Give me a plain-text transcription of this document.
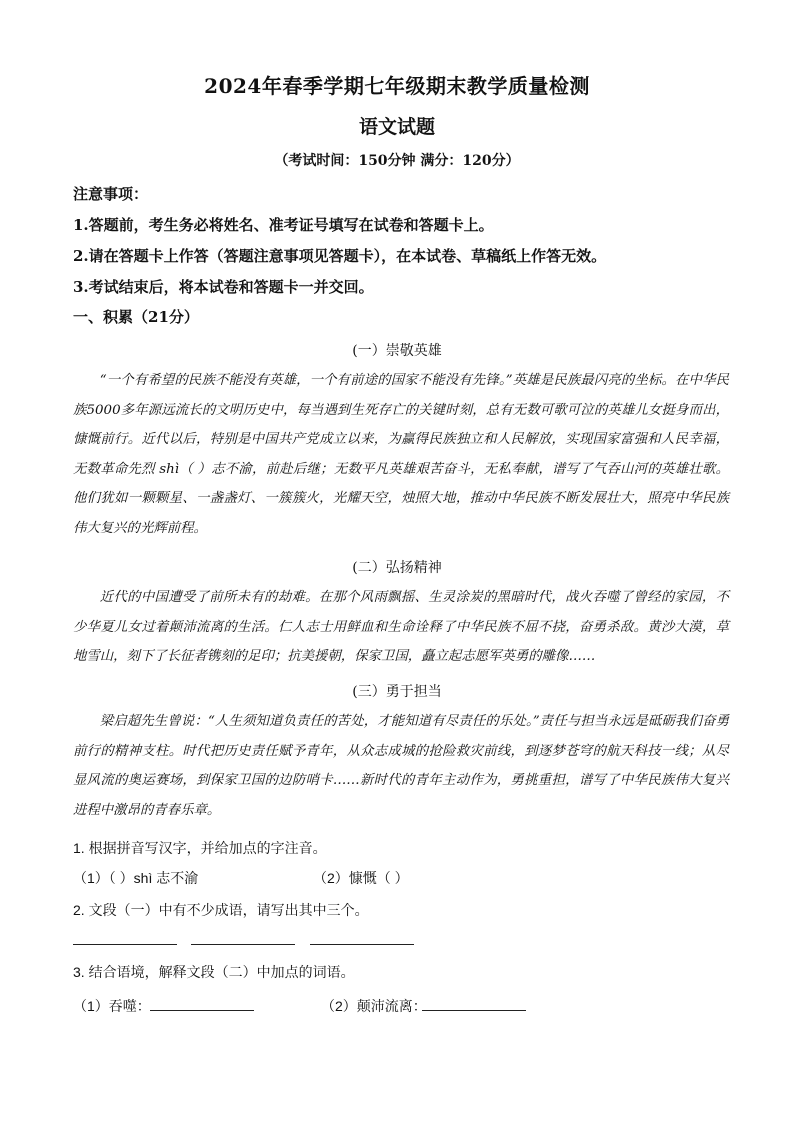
2024年春季学期七年级期末教学质量检测
语文试题
（考试时间：150分钟 满分：120分）
注意事项：
1.答题前，考生务必将姓名、准考证号填写在试卷和答题卡上。
2.请在答题卡上作答（答题注意事项见答题卡），在本试卷、草稿纸上作答无效。
3.考试结束后，将本试卷和答题卡一并交回。
一、积累（21分）
(一）崇敬英雄

“一个有希望的民族不能没有英雄，一个有前途的国家不能没有先锋。”英雄是民族最闪亮的坐标。在中华民族5000多年源远流长的文明历史中，每当遇到生死存亡的关键时刻，总有无数可歌可泣的英雄儿女挺身而出，慷慨前行。近代以后，特别是中国共产党成立以来，为赢得民族独立和人民解放，实现国家富强和人民幸福，无数革命先烈 shì（ ）志不渝，前赴后继；无数平凡英雄艰苦奋斗，无私奉献，谱写了气吞山河的英雄壮歌。他们犹如一颗颗星、一盏盏灯、一簇簇火，光耀天空，烛照大地，推动中华民族不断发展壮大，照亮中华民族伟大复兴的光辉前程。

(二）弘扬精神

近代的中国遭受了前所未有的劫难。在那个风雨飘摇、生灵涂炭的黑暗时代，战火吞噬了曾经的家园，不少华夏儿女过着颠沛流离的生活。仁人志士用鲜血和生命诠释了中华民族不屈不挠，奋勇杀敌。黄沙大漠，草地雪山，刻下了长征者镌刻的足印；抗美援朝，保家卫国，矗立起志愿军英勇的雕像……

(三）勇于担当

梁启超先生曾说：“人生须知道负责任的苦处，才能知道有尽责任的乐处。”责任与担当永远是砥砺我们奋勇前行的精神支柱。时代把历史责任赋予青年，从众志成城的抢险救灾前线，到逐梦苍穹的航天科技一线；从尽显风流的奥运赛场，到保家卫国的边防哨卡……新时代的青年主动作为，勇挑重担，谱写了中华民族伟大复兴进程中激昂的青春乐章。

1. 根据拼音写汉字，并给加点的字注音。
（1）（ ）shì 志不渝	（2）慷慨（ ）
2. 文段（一）中有不少成语，请写出其中三个。
3. 结合语境，解释文段（二）中加点的词语。
（1）吞噬：	（2）颠沛流离：
